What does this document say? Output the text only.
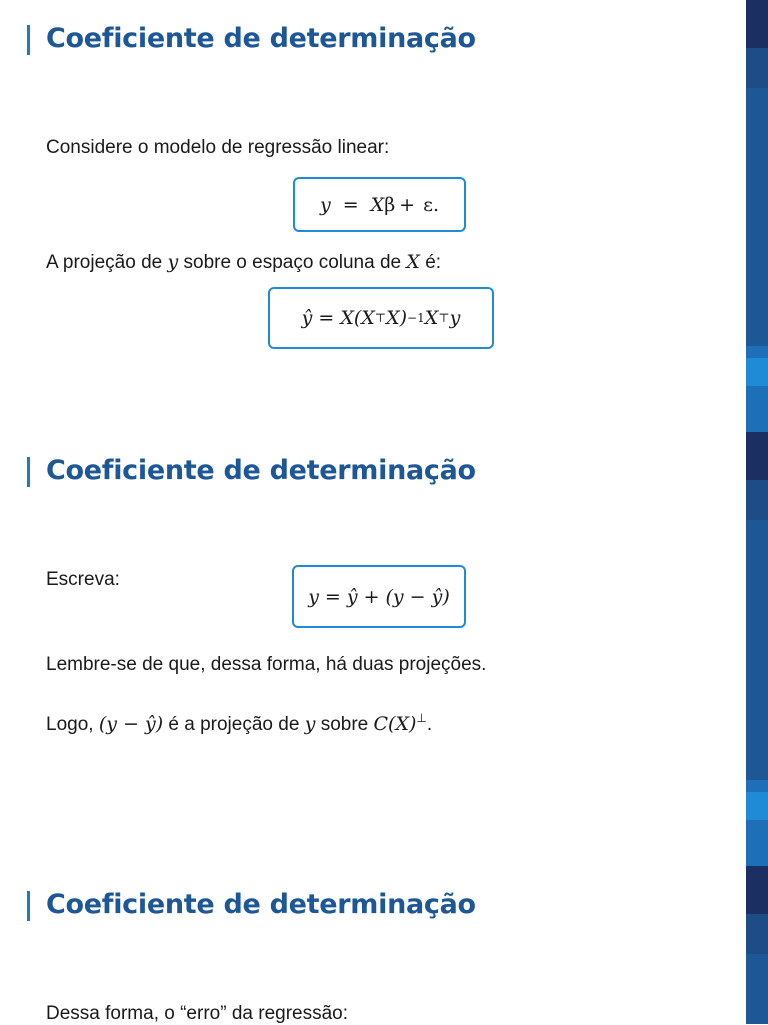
Coeficiente de determinação
Considere o modelo de regressão linear:
y = X β + ε .
A projeção de y sobre o espaço coluna de X é:
ŷ = X(X ⊤ X) −1 X ⊤ y
Coeficiente de determinação
Escreva:
y = ŷ + (y − ŷ)
Lembre-se de que, dessa forma, há duas projeções.
Logo, (y − ŷ) é a projeção de y sobre C(X)⊥.
Coeficiente de determinação
Dessa forma, o “erro” da regressão:
